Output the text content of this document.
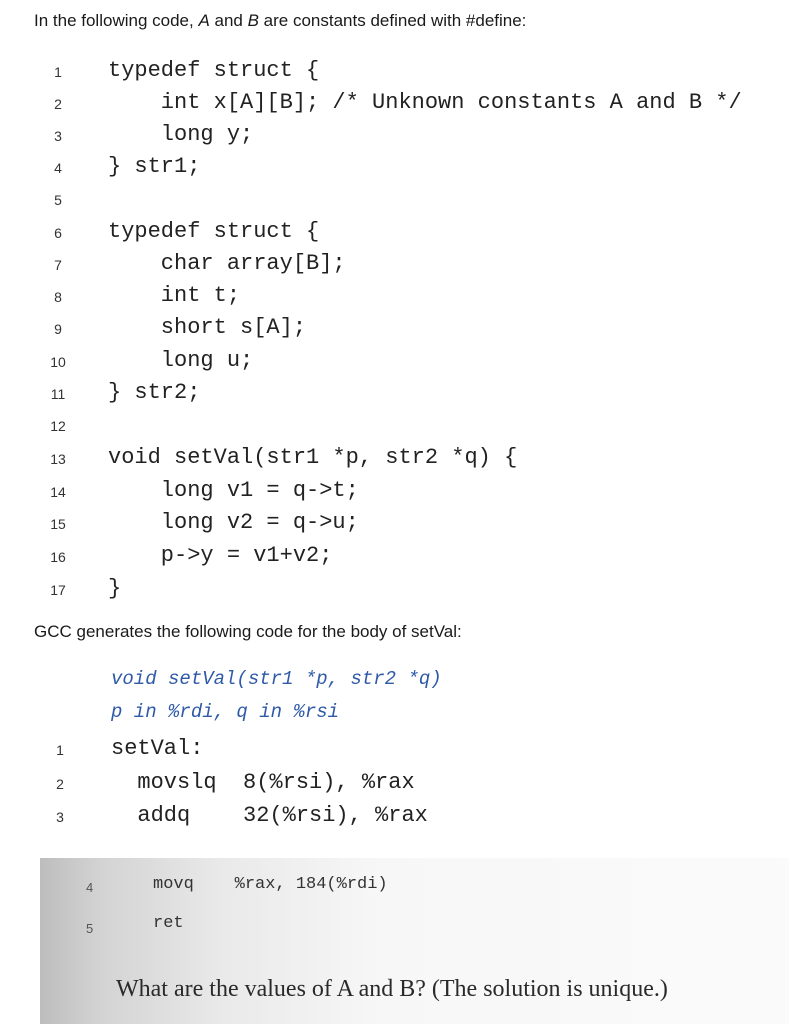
In the following code, A and B are constants defined with #define:
1	typedef struct {
2	int x[A][B]; /* Unknown constants A and B */
3	long y;
4	} str1;
5
6	typedef struct {
7	char array[B];
8	int t;
9	short s[A];
10 long u;
11	} str2;
12
13 void setVal(str1 *p, str2 *q) {
14 long v1 = q->t;
15 long v2 = q->u;
16 p->y = v1+v2;
17 }
GCC generates the following code for the body of setVal:
void setVal(str1 *p, str2 *q)
p in %rdi, q in %rsi
1	setVal:
2	movslq  8(%rsi), %rax
3	addq    32(%rsi), %rax
4	movq    %rax, 184(%rdi)
5	ret
What are the values of A and B? (The solution is unique.)
